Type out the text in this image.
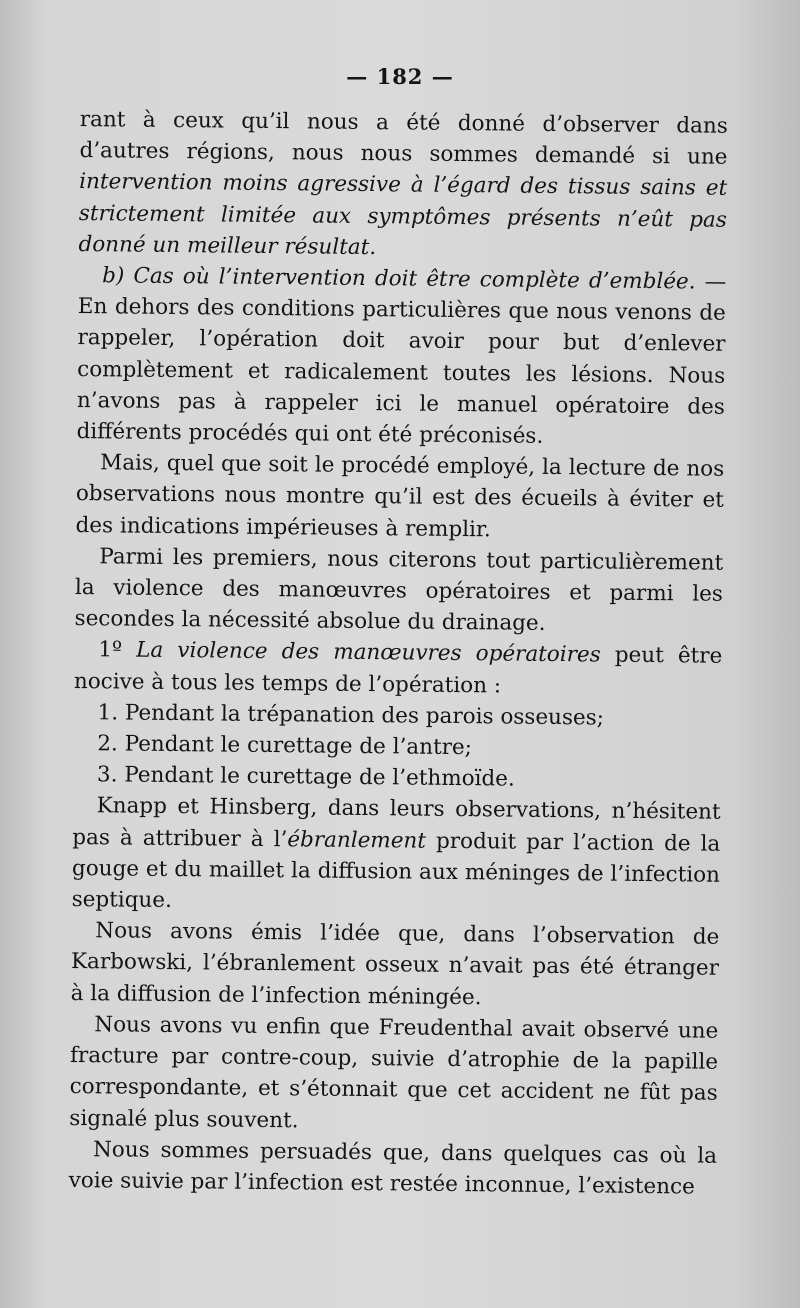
— 182 —

rant à ceux qu’il nous a été donné d’observer dans d’autres régions, nous nous sommes demandé si une intervention moins agressive à l’égard des tissus sains et strictement limitée aux symptômes présents n’eût pas donné un meilleur résultat.

b) Cas où l’intervention doit être complète d’emblée. — En dehors des conditions particulières que nous venons de rappeler, l’opération doit avoir pour but d’enlever complètement et radicalement toutes les lésions. Nous n’avons pas à rappeler ici le manuel opératoire des différents procédés qui ont été préconisés.

Mais, quel que soit le procédé employé, la lecture de nos observations nous montre qu’il est des écueils à éviter et des indications impérieuses à remplir.

Parmi les premiers, nous citerons tout particulièrement la violence des manœuvres opératoires et parmi les secondes la nécessité absolue du drainage.

1º La violence des manœuvres opératoires peut être nocive à tous les temps de l’opération :

1. Pendant la trépanation des parois osseuses;

2. Pendant le curettage de l’antre;

3. Pendant le curettage de l’ethmoïde.

Knapp et Hinsberg, dans leurs observations, n’hésitent pas à attribuer à l’ébranlement produit par l’action de la gouge et du maillet la diffusion aux méninges de l’infection septique.

Nous avons émis l’idée que, dans l’observation de Karbowski, l’ébranlement osseux n’avait pas été étranger à la diffusion de l’infection méningée.

Nous avons vu enfin que Freudenthal avait observé une fracture par contre-coup, suivie d’atrophie de la papille correspondante, et s’étonnait que cet accident ne fût pas signalé plus souvent.

Nous sommes persuadés que, dans quelques cas où la voie suivie par l’infection est restée inconnue, l’existence
